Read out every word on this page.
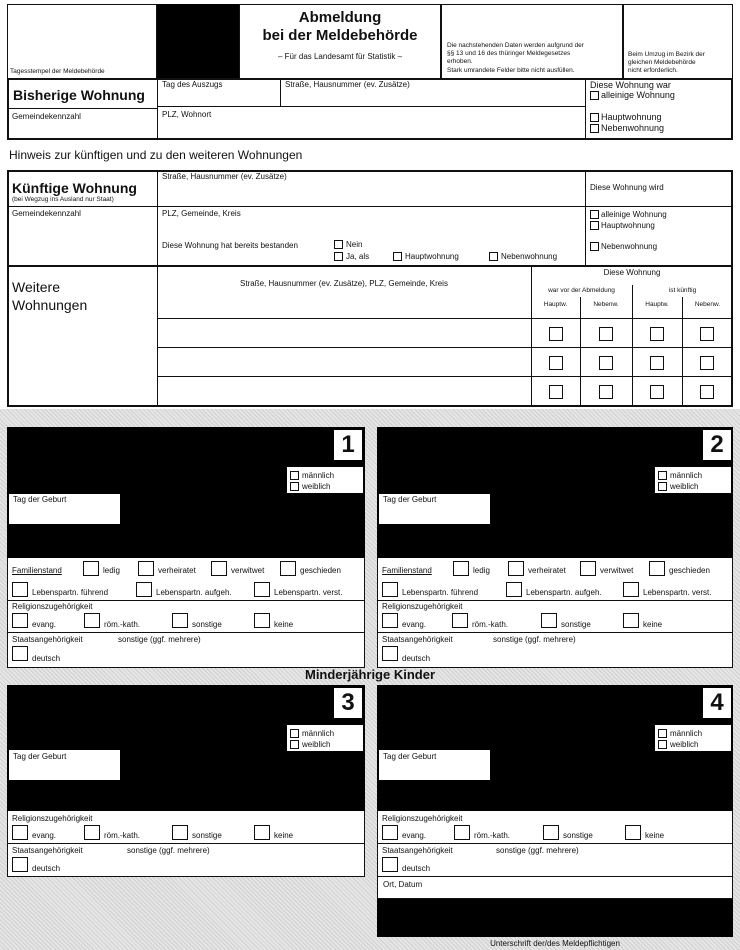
Tagesstempel der Meldebehörde
Abmeldung
bei der Meldebehörde
– Für das Landesamt für Statistik –
Die nachstehenden Daten werden aufgrund der
§§ 13 und 16 des thüringer Meldegesetzes
erhoben.
Stark umrandete Felder bitte nicht ausfüllen.
Beim Umzug im Bezirk der
gleichen Meldebehörde
nicht erforderlich.
Bisherige Wohnung
Gemeindekennzahl
Tag des Auszugs	Straße, Hausnummer (ev. Zusätze)
PLZ, Wohnort
Diese Wohnung war
alleinige Wohnung
Hauptwohnung
Nebenwohnung
Hinweis zur künftigen und zu den weiteren Wohnungen
Künftige Wohnung
(bei Wegzug ins Ausland nur Staat)
Gemeindekennzahl
Straße, Hausnummer (ev. Zusätze)
PLZ, Gemeinde, Kreis
Diese Wohnung hat bereits bestanden	Nein
Ja, als	Hauptwohnung	Nebenwohnung
Diese Wohnung wird
alleinige Wohnung
Hauptwohnung
Nebenwohnung
Weitere
Wohnungen
Straße, Hausnummer (ev. Zusätze), PLZ, Gemeinde, Kreis
Diese Wohnung
war vor der Abmeldung	ist künftig
Hauptw.	Nebenw.	Hauptw.	Nebenw.
1
männlich
weiblich
Tag der Geburt
Familienstand	ledig	verheiratet	verwitwet	geschieden
Lebenspartn. führend	Lebenspartn. aufgeh.	Lebenspartn. verst.
Religionszugehörigkeit
evang.	röm.-kath.	sonstige	keine
Staatsangehörigkeit	sonstige (ggf. mehrere)
deutsch
2
männlich
weiblich
Tag der Geburt
Familienstand	ledig	verheiratet	verwitwet	geschieden
Lebenspartn. führend	Lebenspartn. aufgeh.	Lebenspartn. verst.
Religionszugehörigkeit
evang.	röm.-kath.	sonstige	keine
Staatsangehörigkeit	sonstige (ggf. mehrere)
deutsch
Minderjährige Kinder
3
männlich
weiblich
Tag der Geburt
Religionszugehörigkeit
evang.	röm.-kath.	sonstige	keine
Staatsangehörigkeit	sonstige (ggf. mehrere)
deutsch
4
männlich
weiblich
Tag der Geburt
Religionszugehörigkeit
evang.	röm.-kath.	sonstige	keine
Staatsangehörigkeit	sonstige (ggf. mehrere)
deutsch
Ort, Datum
Unterschrift der/des Meldepflichtigen
